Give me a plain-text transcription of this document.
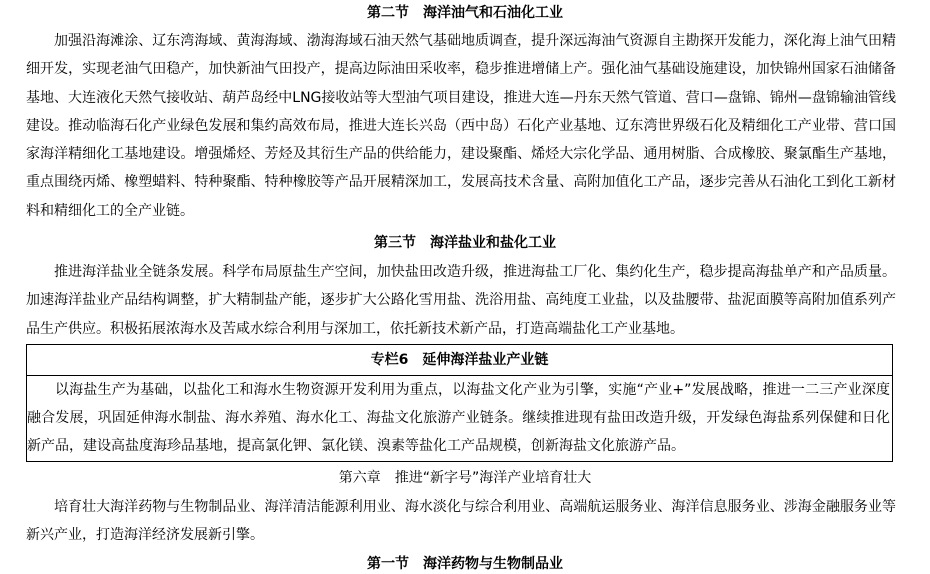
第二节　海洋油气和石油化工业

加强沿海滩涂、辽东湾海域、黄海海域、渤海海域石油天然气基础地质调查，提升深远海油气资源自主勘探开发能力，深化海上油气田精细开发，实现老油气田稳产，加快新油气田投产，提高边际油田采收率，稳步推进增储上产。强化油气基础设施建设，加快锦州国家石油储备基地、大连液化天然气接收站、葫芦岛经中LNG接收站等大型油气项目建设，推进大连—丹东天然气管道、营口—盘锦、锦州—盘锦输油管线建设。推动临海石化产业绿色发展和集约高效布局，推进大连长兴岛（西中岛）石化产业基地、辽东湾世界级石化及精细化工产业带、营口国家海洋精细化工基地建设。增强烯烃、芳烃及其衍生产品的供给能力，建设聚酯、烯烃大宗化学品、通用树脂、合成橡胶、聚氯酯生产基地，重点围绕丙烯、橡塑蜡料、特种聚酯、特种橡胶等产品开展精深加工，发展高技术含量、高附加值化工产品，逐步完善从石油化工到化工新材料和精细化工的全产业链。

第三节　海洋盐业和盐化工业

推进海洋盐业全链条发展。科学布局原盐生产空间，加快盐田改造升级，推进海盐工厂化、集约化生产，稳步提高海盐单产和产品质量。加速海洋盐业产品结构调整，扩大精制盐产能，逐步扩大公路化雪用盐、洗浴用盐、高纯度工业盐，以及盐腰带、盐泥面膜等高附加值系列产品生产供应。积极拓展浓海水及苦咸水综合利用与深加工，依托新技术新产品，打造高端盐化工产业基地。

专栏6　延伸海洋盐业产业链

以海盐生产为基础，以盐化工和海水生物资源开发利用为重点，以海盐文化产业为引擎，实施“产业+”发展战略，推进一二三产业深度融合发展，巩固延伸海水制盐、海水养殖、海水化工、海盐文化旅游产业链条。继续推进现有盐田改造升级，开发绿色海盐系列保健和日化新产品，建设高盐度海珍品基地，提高氯化钾、氯化镁、溴素等盐化工产品规模，创新海盐文化旅游产品。

第六章　推进“新字号”海洋产业培育壮大

培育壮大海洋药物与生物制品业、海洋清洁能源利用业、海水淡化与综合利用业、高端航运服务业、海洋信息服务业、涉海金融服务业等新兴产业，打造海洋经济发展新引擎。

第一节　海洋药物与生物制品业
